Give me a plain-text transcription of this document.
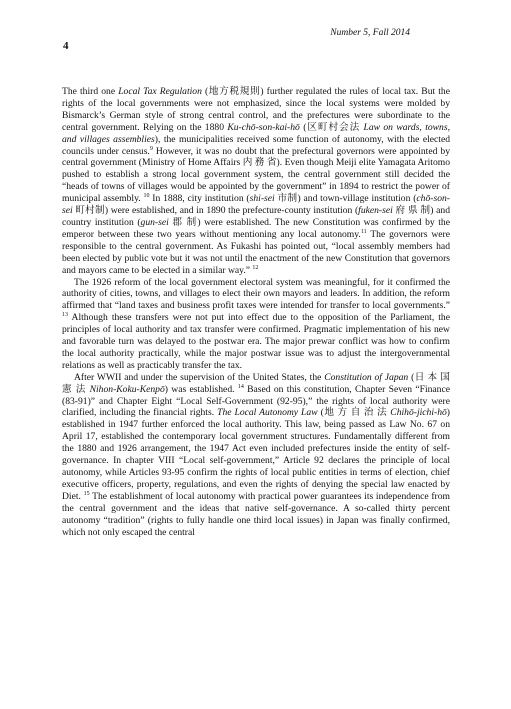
Number 5, Fall 2014
4

The third one Local Tax Regulation (地方税規則) further regulated the rules of local tax. But the rights of the local governments were not emphasized, since the local systems were molded by Bismarck’s German style of strong central control, and the prefectures were subordinate to the central government. Relying on the 1880 Ku-chō-son-kai-hō (区町村会法 Law on wards, towns, and villages assemblies), the municipalities received some function of autonomy, with the elected councils under census.$^9$ However, it was no doubt that the prefectural governors were appointed by central government (Ministry of Home Affairs 内 務 省). Even though Meiji elite Yamagata Aritomo pushed to establish a strong local government system, the central government still decided the “heads of towns of villages would be appointed by the government” in 1894 to restrict the power of municipal assembly. $^{10}$ In 1888, city institution (shi-sei 市制) and town-village institution (chō-son-sei 町村制) were established, and in 1890 the prefecture-county institution (fuken-sei 府 県 制) and country institution (gun-sei 郡 制) were established. The new Constitution was confirmed by the emperor between these two years without mentioning any local autonomy.$^{11}$ The governors were responsible to the central government. As Fukashi has pointed out, “local assembly members had been elected by public vote but it was not until the enactment of the new Constitution that governors and mayors came to be elected in a similar way.” $^{12}$

The 1926 reform of the local government electoral system was meaningful, for it confirmed the authority of cities, towns, and villages to elect their own mayors and leaders. In addition, the reform affirmed that “land taxes and business profit taxes were intended for transfer to local governments.” $^{13}$ Although these transfers were not put into effect due to the opposition of the Parliament, the principles of local authority and tax transfer were confirmed. Pragmatic implementation of his new and favorable turn was delayed to the postwar era. The major prewar conflict was how to confirm the local authority practically, while the major postwar issue was to adjust the intergovernmental relations as well as practicably transfer the tax.

After WWII and under the supervision of the United States, the Constitution of Japan (日 本 国 憲 法 Nihon-Koku-Kenpō) was established. $^{14}$ Based on this constitution, Chapter Seven “Finance (83-91)” and Chapter Eight “Local Self-Government (92-95),” the rights of local authority were clarified, including the financial rights. The Local Autonomy Law (地 方 自 治 法 Chihō-jichi-hō) established in 1947 further enforced the local authority. This law, being passed as Law No. 67 on April 17, established the contemporary local government structures. Fundamentally different from the 1880 and 1926 arrangement, the 1947 Act even included prefectures inside the entity of self-governance. In chapter VIII “Local self-government,” Article 92 declares the principle of local autonomy, while Articles 93-95 confirm the rights of local public entities in terms of election, chief executive officers, property, regulations, and even the rights of denying the special law enacted by Diet. $^{15}$ The establishment of local autonomy with practical power guarantees its independence from the central government and the ideas that native self-governance. A so-called thirty percent autonomy “tradition” (rights to fully handle one third local issues) in Japan was finally confirmed, which not only escaped the central
